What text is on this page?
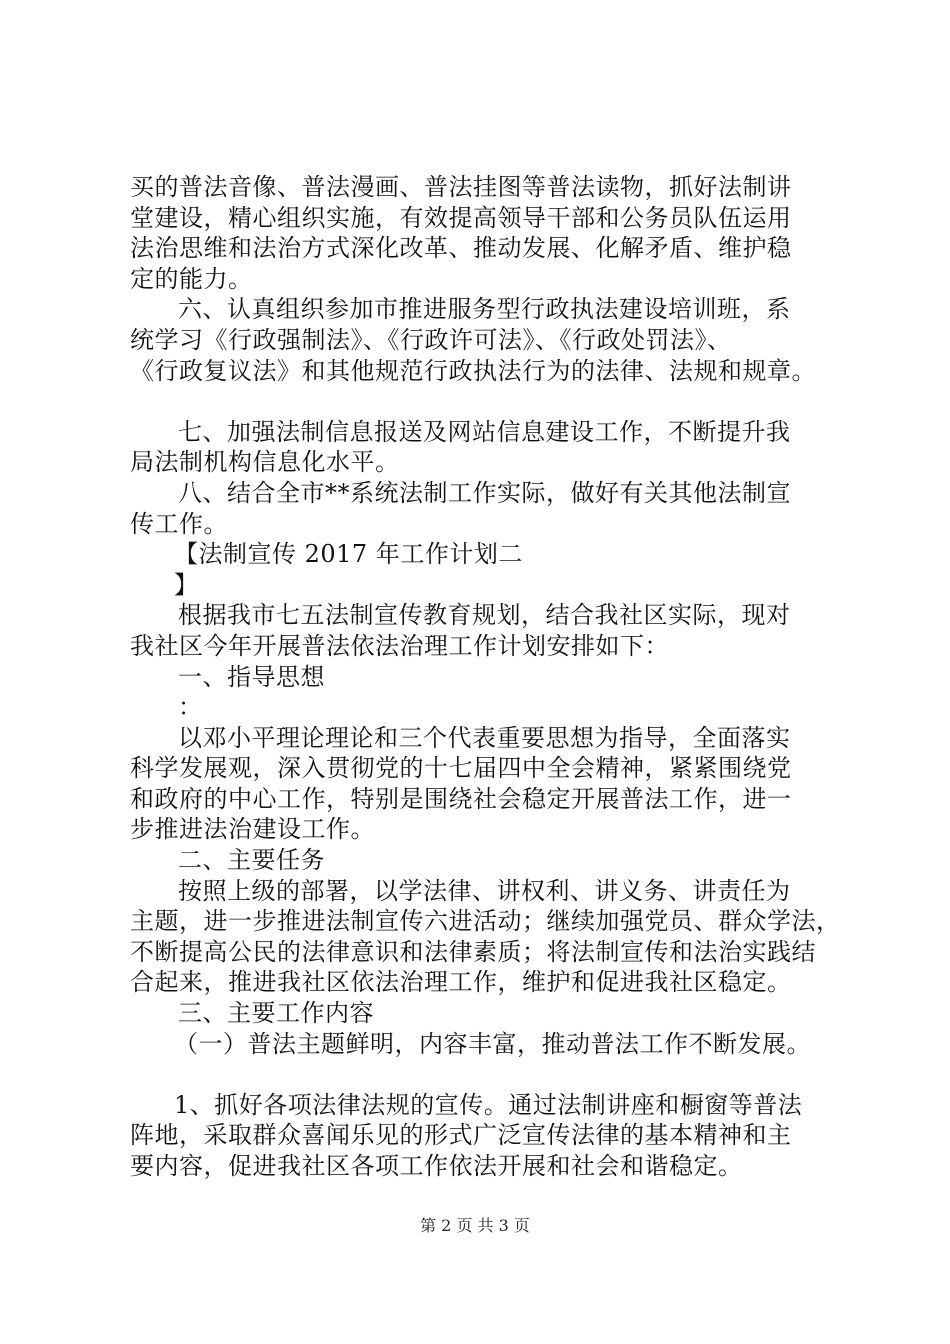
买的普法音像、普法漫画、普法挂图等普法读物，抓好法制讲
堂建设，精心组织实施，有效提高领导干部和公务员队伍运用
法治思维和法治方式深化改革、推动发展、化解矛盾、维护稳
定的能力。
六、认真组织参加市推进服务型行政执法建设培训班，系
统学习《行政强制法》、《行政许可法》、《行政处罚法》、
《行政复议法》和其他规范行政执法行为的法律、法规和规章。
七、加强法制信息报送及网站信息建设工作，不断提升我
局法制机构信息化水平。
八、结合全市**系统法制工作实际，做好有关其他法制宣
传工作。
【法制宣传 2017 年工作计划二
】
根据我市七五法制宣传教育规划，结合我社区实际，现对
我社区今年开展普法依法治理工作计划安排如下：
一、指导思想
：
以邓小平理论理论和三个代表重要思想为指导，全面落实
科学发展观，深入贯彻党的十七届四中全会精神，紧紧围绕党
和政府的中心工作，特别是围绕社会稳定开展普法工作，进一
步推进法治建设工作。
二、主要任务
按照上级的部署，以学法律、讲权利、讲义务、讲责任为
主题，进一步推进法制宣传六进活动；继续加强党员、群众学法，
不断提高公民的法律意识和法律素质；将法制宣传和法治实践结
合起来，推进我社区依法治理工作，维护和促进我社区稳定。
三、主要工作内容
（一）普法主题鲜明，内容丰富，推动普法工作不断发展。
1、抓好各项法律法规的宣传。通过法制讲座和橱窗等普法
阵地，采取群众喜闻乐见的形式广泛宣传法律的基本精神和主
要内容，促进我社区各项工作依法开展和社会和谐稳定。
第 2 页 共 3 页
